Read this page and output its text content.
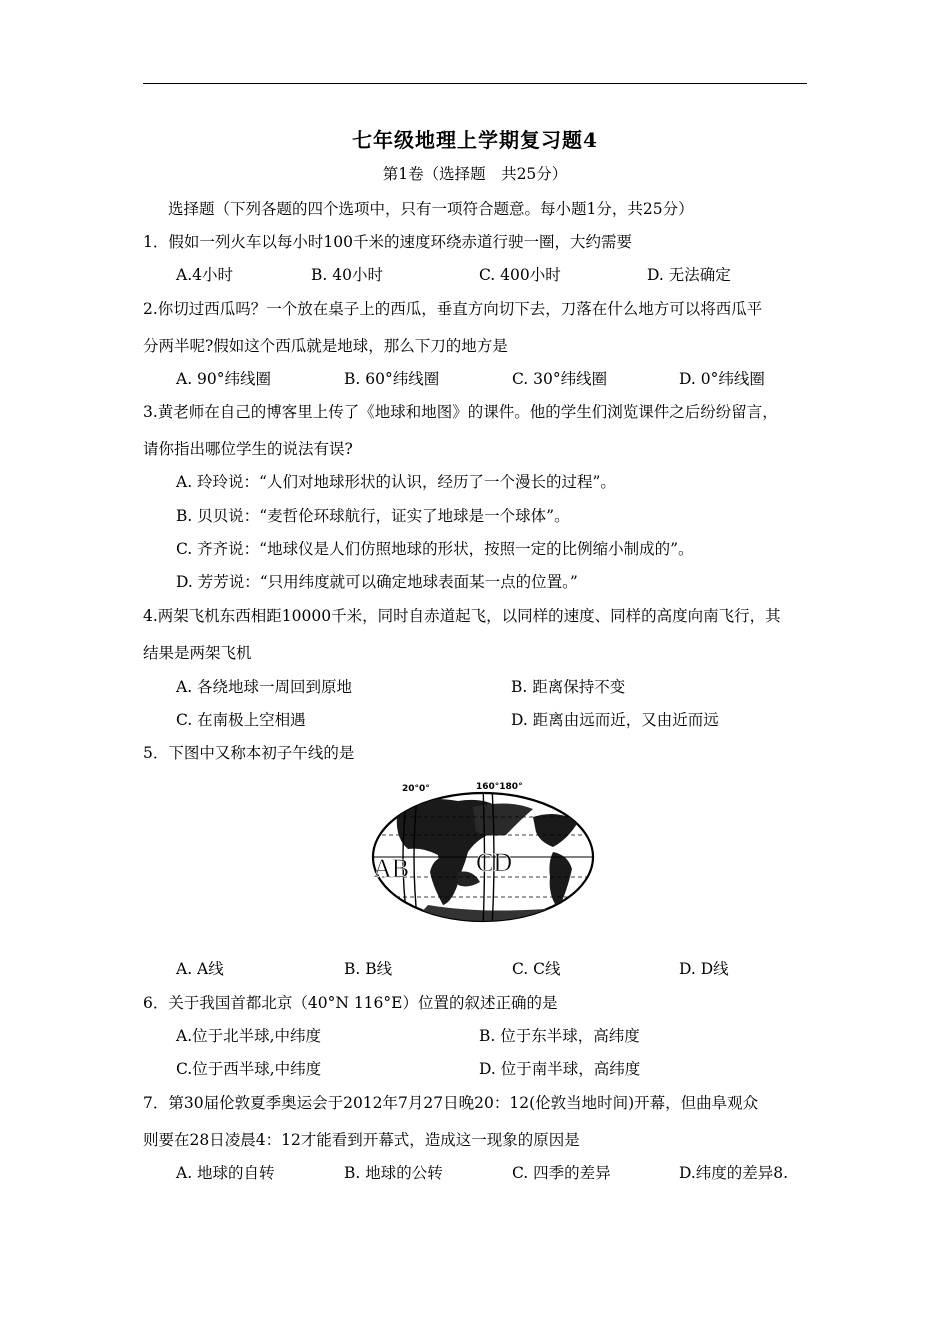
七年级地理上学期复习题4
第1卷（选择题　共25分）
选择题（下列各题的四个选项中，只有一项符合题意。每小题1分，共25分）
1．假如一列火车以每小时100千米的速度环绕赤道行驶一圈，大约需要
A.4小时	B. 40小时	C. 400小时	D. 无法确定
2.你切过西瓜吗？一个放在桌子上的西瓜，垂直方向切下去，刀落在什么地方可以将西瓜平
分两半呢?假如这个西瓜就是地球，那么下刀的地方是
A. 90°纬线圈	B. 60°纬线圈	C. 30°纬线圈	D. 0°纬线圈
3.黄老师在自己的博客里上传了《地球和地图》的课件。他的学生们浏览课件之后纷纷留言，
请你指出哪位学生的说法有误?
A. 玲玲说：“人们对地球形状的认识，经历了一个漫长的过程”。
B. 贝贝说：“麦哲伦环球航行，证实了地球是一个球体”。
C. 齐齐说：“地球仪是人们仿照地球的形状，按照一定的比例缩小制成的”。
D. 芳芳说：“只用纬度就可以确定地球表面某一点的位置。”
4.两架飞机东西相距10000千米，同时自赤道起飞，以同样的速度、同样的高度向南飞行，其
结果是两架飞机
A. 各绕地球一周回到原地	B. 距离保持不变
C. 在南极上空相遇	D. 距离由远而近，又由近而远
5．下图中又称本初子午线的是
20°0°	160°180°
AB	CD
A. A线	B. B线	C. C线	D. D线
6．关于我国首都北京（40°N 116°E）位置的叙述正确的是
A.位于北半球,中纬度	B. 位于东半球，高纬度
C.位于西半球,中纬度	D. 位于南半球，高纬度
7．第30届伦敦夏季奥运会于2012年7月27日晚20：12(伦敦当地时间)开幕，但曲阜观众
则要在28日凌晨4：12才能看到开幕式，造成这一现象的原因是
A. 地球的自转	B. 地球的公转	C. 四季的差异	D.纬度的差异8.
